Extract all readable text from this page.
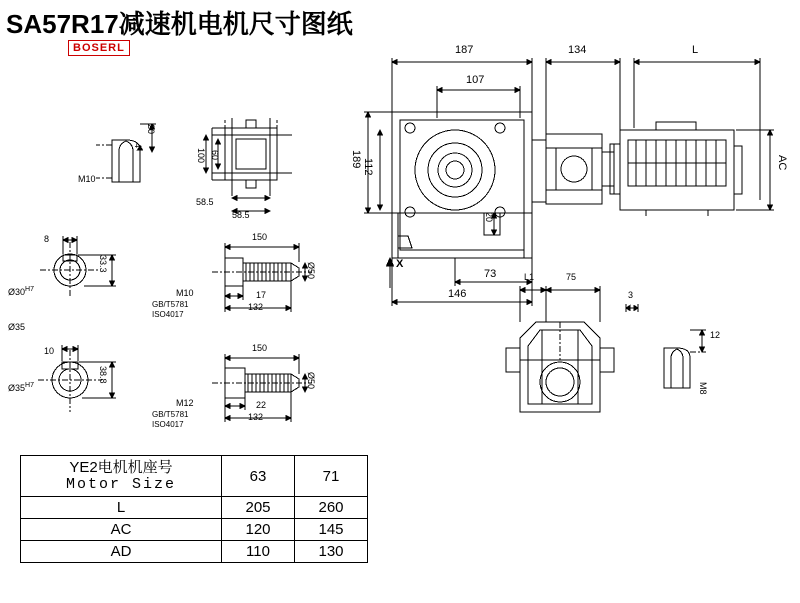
SA57R17减速机电机尺寸图纸
BOSERL	187
107
134	L
AC
189 112
20
73
146
X
100 60
58.5
58.5
20
4
M10
8
$Ø30^{H7}$
33.3
Ø35
10
$Ø35^{H7}$
38.8
150
M10
GB/T5781
ISO4017
17
132
Ø50
150
M12
GB/T5781
ISO4017
22
132
Ø50
L1	75
3
12
M8
YE2电机机座号
Motor Size	63	71
L	205	260
AC	120	145
AD	110	130
